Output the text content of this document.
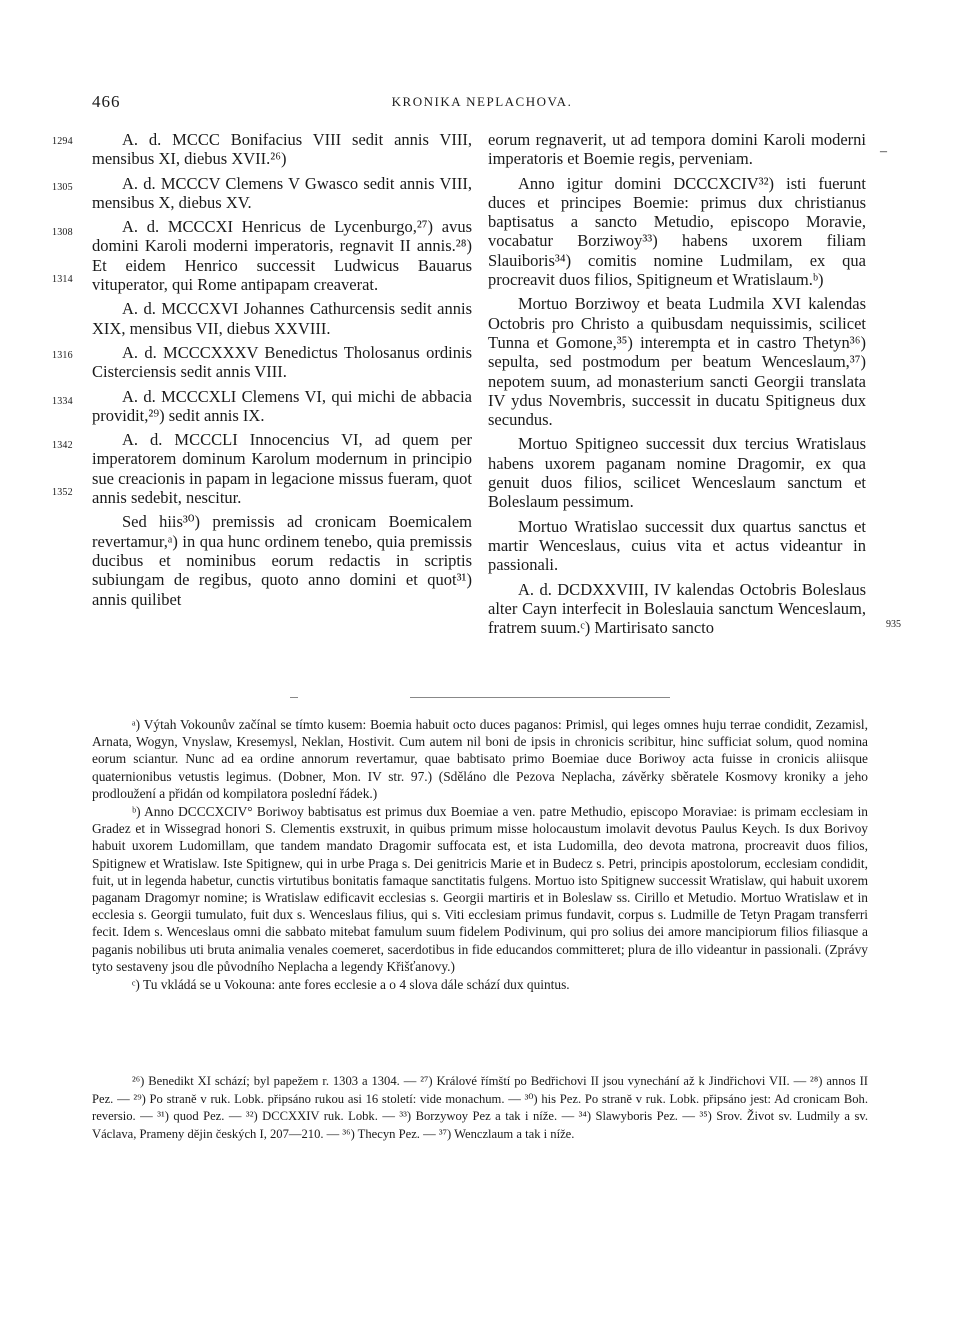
466	KRONIKA NEPLACHOVA.
1294
1305
1308
1314
1316
1334
1342
1352
–
935

A. d. MCCC Bonifacius VIII sedit annis VIII, mensibus XI, diebus XVII.²⁶)

A. d. MCCCV Clemens V Gwasco sedit annis VIII, mensibus X, diebus XV.

A. d. MCCCXI Henricus de Lycenburgo,²⁷) avus domini Karoli moderni imperatoris, regnavit II annis.²⁸) Et eidem Henrico successit Ludwicus Bauarus vituperator, qui Rome antipapam creaverat.

A. d. MCCCXVI Johannes Cathurcensis sedit annis XIX, mensibus VII, diebus XXVIII.

A. d. MCCCXXXV Benedictus Tholosanus ordinis Cisterciensis sedit annis VIII.

A. d. MCCCXLI Clemens VI, qui michi de abbacia providit,²⁹) sedit annis IX.

A. d. MCCCLI Innocencius VI, ad quem per imperatorem dominum Karolum modernum in principio sue creacionis in papam in legacione missus fueram, quot annis sedebit, nescitur.

Sed hiis³⁰) premissis ad cronicam Boemicalem revertamur,ᵃ) in qua hunc ordinem tenebo, quia premissis ducibus et nominibus eorum redactis in scriptis subiungam de regibus, quoto anno domini et quot³¹) annis quilibet

eorum regnaverit, ut ad tempora domini Karoli moderni imperatoris et Boemie regis, perveniam.

Anno igitur domini DCCCXCIV³²) isti fuerunt duces et principes Boemie: primus dux christianus baptisatus a sancto Metudio, episcopo Moravie, vocabatur Borziwoy³³) habens uxorem filiam Slauiboris³⁴) comitis nomine Ludmilam, ex qua procreavit duos filios, Spitigneum et Wratislaum.ᵇ)

Mortuo Borziwoy et beata Ludmila XVI kalendas Octobris pro Christo a quibusdam nequissimis, scilicet Tunna et Gomone,³⁵) interempta et in castro Thetyn³⁶) sepulta, sed postmodum per beatum Wenceslaum,³⁷) nepotem suum, ad monasterium sancti Georgii translata IV ydus Novembris, successit in ducatu Spitigneus dux secundus.

Mortuo Spitigneo successit dux tercius Wratislaus habens uxorem paganam nomine Dragomir, ex qua genuit duos filios, scilicet Wenceslaum sanctum et Boleslaum pessimum.

Mortuo Wratislao successit dux quartus sanctus et martir Wenceslaus, cuius vita et actus videantur in passionali.

A. d. DCDXXVIII, IV kalendas Octobris Boleslaus alter Cayn interfecit in Boleslauia sanctum Wenceslaum, fratrem suum.ᶜ) Martirisato sancto

ᵃ) Výtah Vokounův začínal se tímto kusem: Boemia habuit octo duces paganos: Primisl, qui leges omnes huju terrae condidit, Zezamisl, Arnata, Wogyn, Vnyslaw, Kresemysl, Neklan, Hostivit. Cum autem nil boni de ipsis in chronicis scribitur, hinc sufficiat solum, quod nomina eorum sciantur. Nunc ad ea ordine annorum revertamur, quae babtisato primo Boemiae duce Boriwoy acta fuisse in cronicis aliisque quaternionibus vetustis legimus. (Dobner, Mon. IV str. 97.) (Sděláno dle Pezova Neplacha, závěrky sběratele Kosmovy kroniky a jeho prodloužení a přidán od kompilatora poslední řádek.)

ᵇ) Anno DCCCXCIV° Boriwoy babtisatus est primus dux Boemiae a ven. patre Methudio, episcopo Moraviae: is primam ecclesiam in Gradez et in Wissegrad honori S. Clementis exstruxit, in quibus primum misse holocaustum imolavit devotus Paulus Keych. Is dux Borivoy habuit uxorem Ludomillam, que tandem mandato Dragomir suffocata est, et ista Ludomilla, deo devota matrona, procreavit duos filios, Spitignew et Wratislaw. Iste Spitignew, qui in urbe Praga s. Dei genitricis Marie et in Budecz s. Petri, principis apostolorum, ecclesiam condidit, fuit, ut in legenda habetur, cunctis virtutibus bonitatis famaque sanctitatis fulgens. Mortuo isto Spitignew successit Wratislaw, qui habuit uxorem paganam Dragomyr nomine; is Wratislaw edificavit ecclesias s. Georgii martiris et in Boleslaw ss. Cirillo et Metudio. Mortuo Wratislaw et in ecclesia s. Georgii tumulato, fuit dux s. Wenceslaus filius, qui s. Viti ecclesiam primus fundavit, corpus s. Ludmille de Tetyn Pragam transferri fecit. Idem s. Wenceslaus omni die sabbato mitebat famulum suum fidelem Podivinum, qui pro solius dei amore mancipiorum filios filiasque a paganis nobilibus uti bruta animalia venales coemeret, sacerdotibus in fide educandos committeret; plura de illo videantur in passionali. (Zprávy tyto sestaveny jsou dle původního Neplacha a legendy Křišťanovy.)

ᶜ) Tu vkládá se u Vokouna: ante fores ecclesie a o 4 slova dále schází dux quintus.

²⁶) Benedikt XI schází; byl papežem r. 1303 a 1304. — ²⁷) Králové římští po Bedřichovi II jsou vynechání až k Jindřichovi VII. — ²⁸) annos II Pez. — ²⁹) Po straně v ruk. Lobk. připsáno rukou asi 16 století: vide monachum. — ³⁰) his Pez. Po straně v ruk. Lobk. připsáno jest: Ad cronicam Boh. reversio. — ³¹) quod Pez. — ³²) DCCXXIV ruk. Lobk. — ³³) Borzywoy Pez a tak i níže. — ³⁴) Slawyboris Pez. — ³⁵) Srov. Život sv. Ludmily a sv. Václava, Prameny dějin českých I, 207—210. — ³⁶) Thecyn Pez. — ³⁷) Wenczlaum a tak i níže.
